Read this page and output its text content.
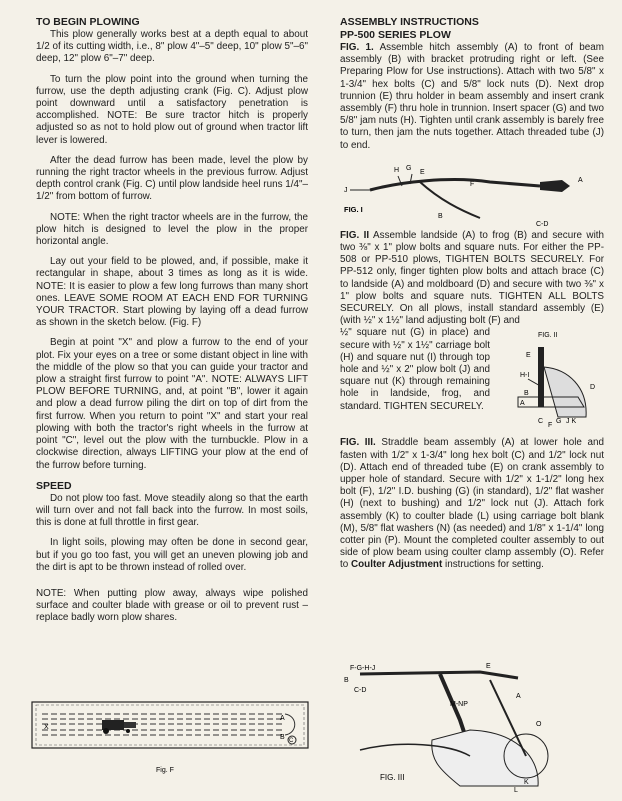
TO BEGIN PLOWING

This plow generally works best at a depth equal to about 1/2 of its cutting width, i.e., 8" plow 4"–5" deep, 10" plow 5"–6" deep, 12" plow 6"–7" deep.

To turn the plow point into the ground when turning the furrow, use the depth adjusting crank (Fig. C). Adjust plow point downward until a satisfactory penetration is accomplished. NOTE: Be sure tractor hitch is properly adjusted so as not to hold plow out of ground when tractor lift lever is lowered.

After the dead furrow has been made, level the plow by running the right tractor wheels in the previous furrow. Adjust depth control crank (Fig. C) until plow landside heel runs 1/4"–1/2" from bottom of furrow.

NOTE: When the right tractor wheels are in the furrow, the plow hitch is designed to level the plow in the proper horizontal angle.

Lay out your field to be plowed, and, if possible, make it rectangular in shape, about 3 times as long as it is wide. NOTE: It is easier to plow a few long furrows than many short ones. LEAVE SOME ROOM AT EACH END FOR TURNING YOUR TRACTOR. Start plowing by laying off a dead furrow as shown in the sketch below. (Fig. F)

Begin at point "X" and plow a furrow to the end of your plot. Fix your eyes on a tree or some distant object in line with the middle of the plow so that you can guide your tractor and plow a straight first furrow to point "A". NOTE: ALWAYS LIFT PLOW BEFORE TURNING, and, at point "B", lower it again and plow a dead furrow piling the dirt on top of dirt from the first furrow. When you return to point "X" and start your real plowing with both the tractor's right wheels in the furrow at point "C", level out the plow with the turnbuckle. Plow in a clockwise direction, always LIFTING your plow at the end of the furrow before turning.

SPEED

Do not plow too fast. Move steadily along so that the earth will turn over and not fall back into the furrow. In most soils, this is done at full throttle in first gear.

In light soils, plowing may often be done in second gear, but if you go too fast, you will get an uneven plowing job and the dirt is apt to be thrown instead of rolled over.

NOTE: When putting plow away, always wipe polished surface and coulter blade with grease or oil to prevent rust – replace badly worn plow shares.

A
B
X
C
Fig. F
ASSEMBLY INSTRUCTIONS
PP-500 SERIES PLOW

FIG. 1. Assemble hitch assembly (A) to front of beam assembly (B) with bracket protruding right or left. (See Preparing Plow for Use instructions). Attach with two 5/8" x 1-3/4" hex bolts (C) and 5/8" lock nuts (D). Next drop trunnion (E) thru holder in beam assembly and insert crank assembly (F) thru hole in trunnion. Insert spacer (G) and two 5/8" jam nuts (H). Tighten until crank assembly is barely free to turn, then jam the nuts together. Attach threaded tube (J) to end.

H G
E
J
F
A
B
C-D
FIG. I

FIG. II Assemble landside (A) to frog (B) and secure with two ⅜" x 1" plow bolts and square nuts. For either the PP-508 or PP-510 plows, TIGHTEN BOLTS SECURELY. For PP-512 only, finger tighten plow bolts and attach brace (C) to landside (A) and moldboard (D) and secure with two ⅜" x 1" plow bolts and square nuts. TIGHTEN ALL BOLTS SECURELY. On all plows, install standard assembly (E) (with ½" x 1½" land adjusting bolt (F) and

½" square nut (G) in place) and secure with ½" x 1½" carriage bolt (H) and square nut (I) through top hole and ½" x 2" plow bolt (J) and square nut (K) through remaining hole in landside, frog, and standard. TIGHTEN SECURELY.

FIG. II
E
H-I
D
B
A
C
F
G J K

FIG. III. Straddle beam assembly (A) at lower hole and fasten with 1/2" x 1-3/4" long hex bolt (C) and 1/2" lock nut (D). Attach end of threaded tube (E) on crank assembly to upper hole of standard. Secure with 1/2" x 1-1/2" long hex bolt (F), 1/2" I.D. bushing (G) (in standard), 1/2" flat washer (H) (next to bushing) and 1/2" lock nut (J). Attach fork assembly (K) to coulter blade (L) using carriage bolt blank (M), 5/8" flat washers (N) (as needed) and 1/8" x 1-1/4" long cotter pin (P). Mount the completed coulter assembly to out side of plow beam using coulter clamp assembly (O). Refer to Coulter Adjustment instructions for setting.

F-G-H-J	E
B
C-D
A
M-NP
O
K
L
FIG. III
